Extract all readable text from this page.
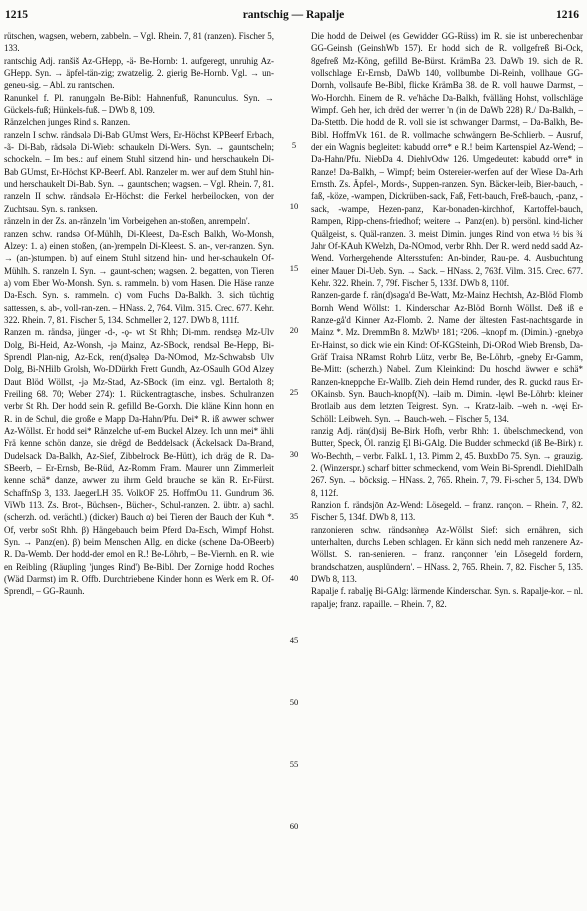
1215	rantschig — Rapalje	1216

rütschen, wagsen, webern, zabbeln. – Vgl. Rhein. 7, 81 (ranzen). Fischer 5, 133.

rantschig Adj. ranšiš Az-GHepp, -ä- Be-Hornb: 1. aufgeregt, unruhig Az-GHepp. Syn. → äpfel-tän-zig; zwatzelig. 2. gierig Be-Hornb. Vgl. → un-geneu-sig. – Abl. zu rantschen.

Ranunkel f. Pl. ranuŋgəln Be-Bibl: Hahnenfuß, Ranunculus. Syn. → Gückels-fuß; Hünkels-fuß. – DWb 8, 109.

Ränzelchen junges Rind s. Ranzen.

ranzeln I schw. rändsələ Di-Bab GUmst Wers, Er-Höchst KPBeerf Erbach, -ã- Di-Bab, rädsələ Di-Wieb: schaukeln Di-Wers. Syn. → gauntscheln; schockeln. – Im bes.: auf einem Stuhl sitzend hin- und herschaukeln Di-Bab GUmst, Er-Höchst KP-Beerf. Abl. Ranzeler m. wer auf dem Stuhl hin- und herschaukelt Di-Bab. Syn. → gauntschen; wagsen. – Vgl. Rhein. 7, 81.

ranzeln II schw. rändsələ Er-Höchst: die Ferkel herbeilocken, von der Zuchtsau. Syn. s. ranksen.

ränzeln in der Zs. an-ränzeln 'im Vorbeigehen an-stoßen, anrempeln'.

ranzen schw. randsə Of-Mühlh, Di-Kleest, Da-Esch Balkh, Wo-Monsh, Alzey: 1. a) einen stoßen, (an-)rempeln Di-Kleest. S. an-, ver-ranzen. Syn. → (an-)stumpen. b) auf einem Stuhl sitzend hin- und her-schaukeln Of-Mühlh. S. ranzeln I. Syn. → gaunt-schen; wagsen. 2. begatten, von Tieren a) vom Eber Wo-Monsh. Syn. s. rammeln. b) vom Hasen. Die Häse ranze Da-Esch. Syn. s. rammeln. c) vom Fuchs Da-Balkh. 3. sich tüchtig sattessen, s. ab-, voll-ran-zen. – HNass. 2, 764. Vilm. 315. Crec. 677. Kehr. 322. Rhein. 7, 81. Fischer 5, 134. Schmeller 2, 127. DWb 8, 111f.

Ranzen m. rändsə, jünger -d-, -ǫ- wt St Rhh; Di-mm. rendsɐ̯ə Mz-Ulv Dolg, Bi-Heid, Az-Wonsh, -jə Mainz, Az-SBock, rendsəl Be-Hepp, Bi-Sprendl Plan-nig, Az-Eck, ren(d)sǝlɐ̯ə Da-NOmod, Mz-Schwabsb Ulv Dolg, Bi-NHilb Grolsh, Wo-DDürkh Frett Gundh, Az-OSaulh GOd Alzey Daut Blöd Wöllst, -jə Mz-Stad, Az-SBock (im einz. vgl. Bertaloth 8; Freiling 68. 70; Weber 274): 1. Rückentragtasche, insbes. Schulranzen verbr St Rh. Der hodd sein R. gefilld Be-Gorxh. Die kläne Kinn honn en R. in de Schul, die große e Mapp Da-Hahn/Pfu. Dei* R. iß awwer schwer Az-Wöllst. Er hodd sei* Ränzelche uf-em Buckel Alzey. Ich unn mei* ähli Frä kenne schön danze, sie drëgd de Beddelsack (Äckelsack Da-Brand, Dudelsack Da-Balkh, Az-Sief, Zibbelrock Be-Hütt), ich dräg de R. Da-SBeerb, – Er-Ernsb, Be-Rüd, Az-Romm Fram. Maurer unn Zimmerleit kenne schä* danze, awwer zu ihrm Geld brauche se kän R. Er-Fürst. SchaffnSp 3, 133. JaegerLH 35. VolkOF 25. HoffmOu 11. Gundrum 36. ViWb 113. Zs. Brot-, Büchsen-, Bücher-, Schul-ranzen. 2. übtr. a) sachl. (scherzh. od. verächtl.) (dicker) Bauch α) bei Tieren der Bauch der Kuh *. Of, verbr soSt Rhh. β) Hängebauch beim Pferd Da-Esch, Wimpf Hohst. Syn. → Panz(en). β) beim Menschen Allg. en dicke (schene Da-OBeerb) R. Da-Wemb. Der hodd-der emol en R.! Be-Löhrb, – Be-Viernh. en R. wie en Reibling (Räupling 'junges Rind') Be-Bibl. Der Zornige hodd Roches (Wäd Darmst) im R. Offb. Durchtriebene Kinder honn es Werk em R. Of-Sprendl, – GG-Raunh.

5
10
15
20
25
30
35
40
45
50
55
60

Die hodd de Deiwel (es Gewidder GG-Rüss) im R. sie ist unberechenbar GG-Geinsh (GeinshWb 157). Er hodd sich de R. vollgefreß Bi-Ock, 8gefreß Mz-Köng, gefilld Be-Bürst. KrämBa 23. DaWb 19. sich de R. vollschlage Er-Ernsb, DaWb 140, vollbumbe Di-Reinh, vollhaue GG-Dornh, vollsaufe Be-Bibl, flicke KrämBa 38. de R. voll hauwe Darmst, – Wo-Horchh. Einem de R. ve'häche Da-Balkh, fvälläng Hohst, vollschläge Wimpf. Geh her, ich drëd der werrer 'n (in de DaWb 228) R./ Da-Balkh, – Da-Stettb. Die hodd de R. voll sie ist schwanger Darmst, – Da-Balkh, Be-Bibl. HoffmVk 161. de R. vollmache schwängern Be-Schlierb. – Ausruf, der ein Wagnis begleitet: kabudd orre* e R.! beim Kartenspiel Az-Wend; – Da-Hahn/Pfu. NiebDa 4. DiehlvOdw 126. Umgedeutet: kabudd orre* in Ranze! Da-Balkh, – Wimpf; beim Ostereier-werfen auf der Wiese Da-Arh Ernsth. Zs. Äpfel-, Mords-, Suppen-ranzen. Syn. Bäcker-leib, Bier-bauch, -faß, -köze, -wampen, Dickrüben-sack, Faß, Fett-bauch, Freß-bauch, -panz, -sack, -wampe, Hezen-panz, Kar-bonaden-kirchhof, Kartoffel-bauch, Rampen, Ripp-chens-friedhof; weitere → Panz(en). b) persönl. kind-licher Quälgeist, s. Quäl-ranzen. 3. meist Dimin. junges Rind von etwa ½ bis ¾ Jahr Of-KAuh KWelzh, Da-NOmod, verbr Rhh. Der R. werd nedd sadd Az-Wend. Vorhergehende Altersstufen: An-binder, Rau-pe. 4. Ausbuchtung einer Mauer Di-Ueb. Syn. → Sack. – HNass. 2, 763f. Vilm. 315. Crec. 677. Kehr. 322. Rhein. 7, 79f. Fischer 5, 133f. DWb 8, 110f.

Ranzen-garde f. rän(d)sǝga'd Be-Watt, Mz-Mainz Hechtsh, Az-Blöd Flomb Bornh Wend Wöllst: 1. Kinderschar Az-Blöd Bornh Wöllst. Deß iß e Ranze-gå'd Kinner Az-Flomb. 2. Name der ältesten Fast-nachtsgarde in Mainz *. Mz. DremmBn 8. MzWb¹ 181; ²206. –knopf m. (Dimin.) -gnebχə Er-Hainst, so dick wie ein Kind: Of-KGSteinh, Di-ORod Wieb Brensb, Da-Gräf Traisa NRamst Rohrb Lütz, verbr Be, Be-Löhrb, -gnebχ Er-Gamm, Be-Mitt: (scherzh.) Nabel. Zum Kleinkind: Du hoschd äwwer e schä* Ranzen-kneppche Er-Wallb. Zieh dein Hemd runder, des R. guckd raus Er-OKainsb. Syn. Bauch-knopf(N). –laib m. Dimin. -lęwl Be-Löhrb: kleiner Brotlaib aus dem letzten Teigrest. Syn. → Kratz-laib. –weh n. -węi Er-Schöll: Leibweh. Syn. → Bauch-weh. – Fischer 5, 134.

ranzig Adj. rän(d)sij Be-Birk Hofh, verbr Rhh: 1. übelschmeckend, von Butter, Speck, Öl. ranzig Ęl Bi-GAlg. Die Budder schmeckd (iß Be-Birk) r. Wo-Bechth, – verbr. FalkL 1, 13. Pimm 2, 45. BuxbDo 75. Syn. → grauzig. 2. (Winzerspr.) scharf bitter schmeckend, vom Wein Bi-Sprendl. DiehlDalh 267. Syn. → böcksig. – HNass. 2, 765. Rhein. 7, 79. Fi-scher 5, 134. DWb 8, 112f.

Ranzion f. rändsjōn Az-Wend: Lösegeld. – franz. rançon. – Rhein. 7, 82. Fischer 5, 134f. DWb 8, 113.

ranzonieren schw. rändsǝnǹɐ̯ə Az-Wöllst Sief: sich ernähren, sich unterhalten, durchs Leben schlagen. Er känn sich nedd meh ranzenere Az-Wöllst. S. ran-senieren. – franz. rançonner 'ein Lösegeld fordern, brandschatzen, ausplündern'. – HNass. 2, 765. Rhein. 7, 82. Fischer 5, 135. DWb 8, 113.

Rapalje f. rabalję Bi-GAlg: lärmende Kinderschar. Syn. s. Rapalje-kor. – nl. rapalje; franz. rapaille. – Rhein. 7, 82.
